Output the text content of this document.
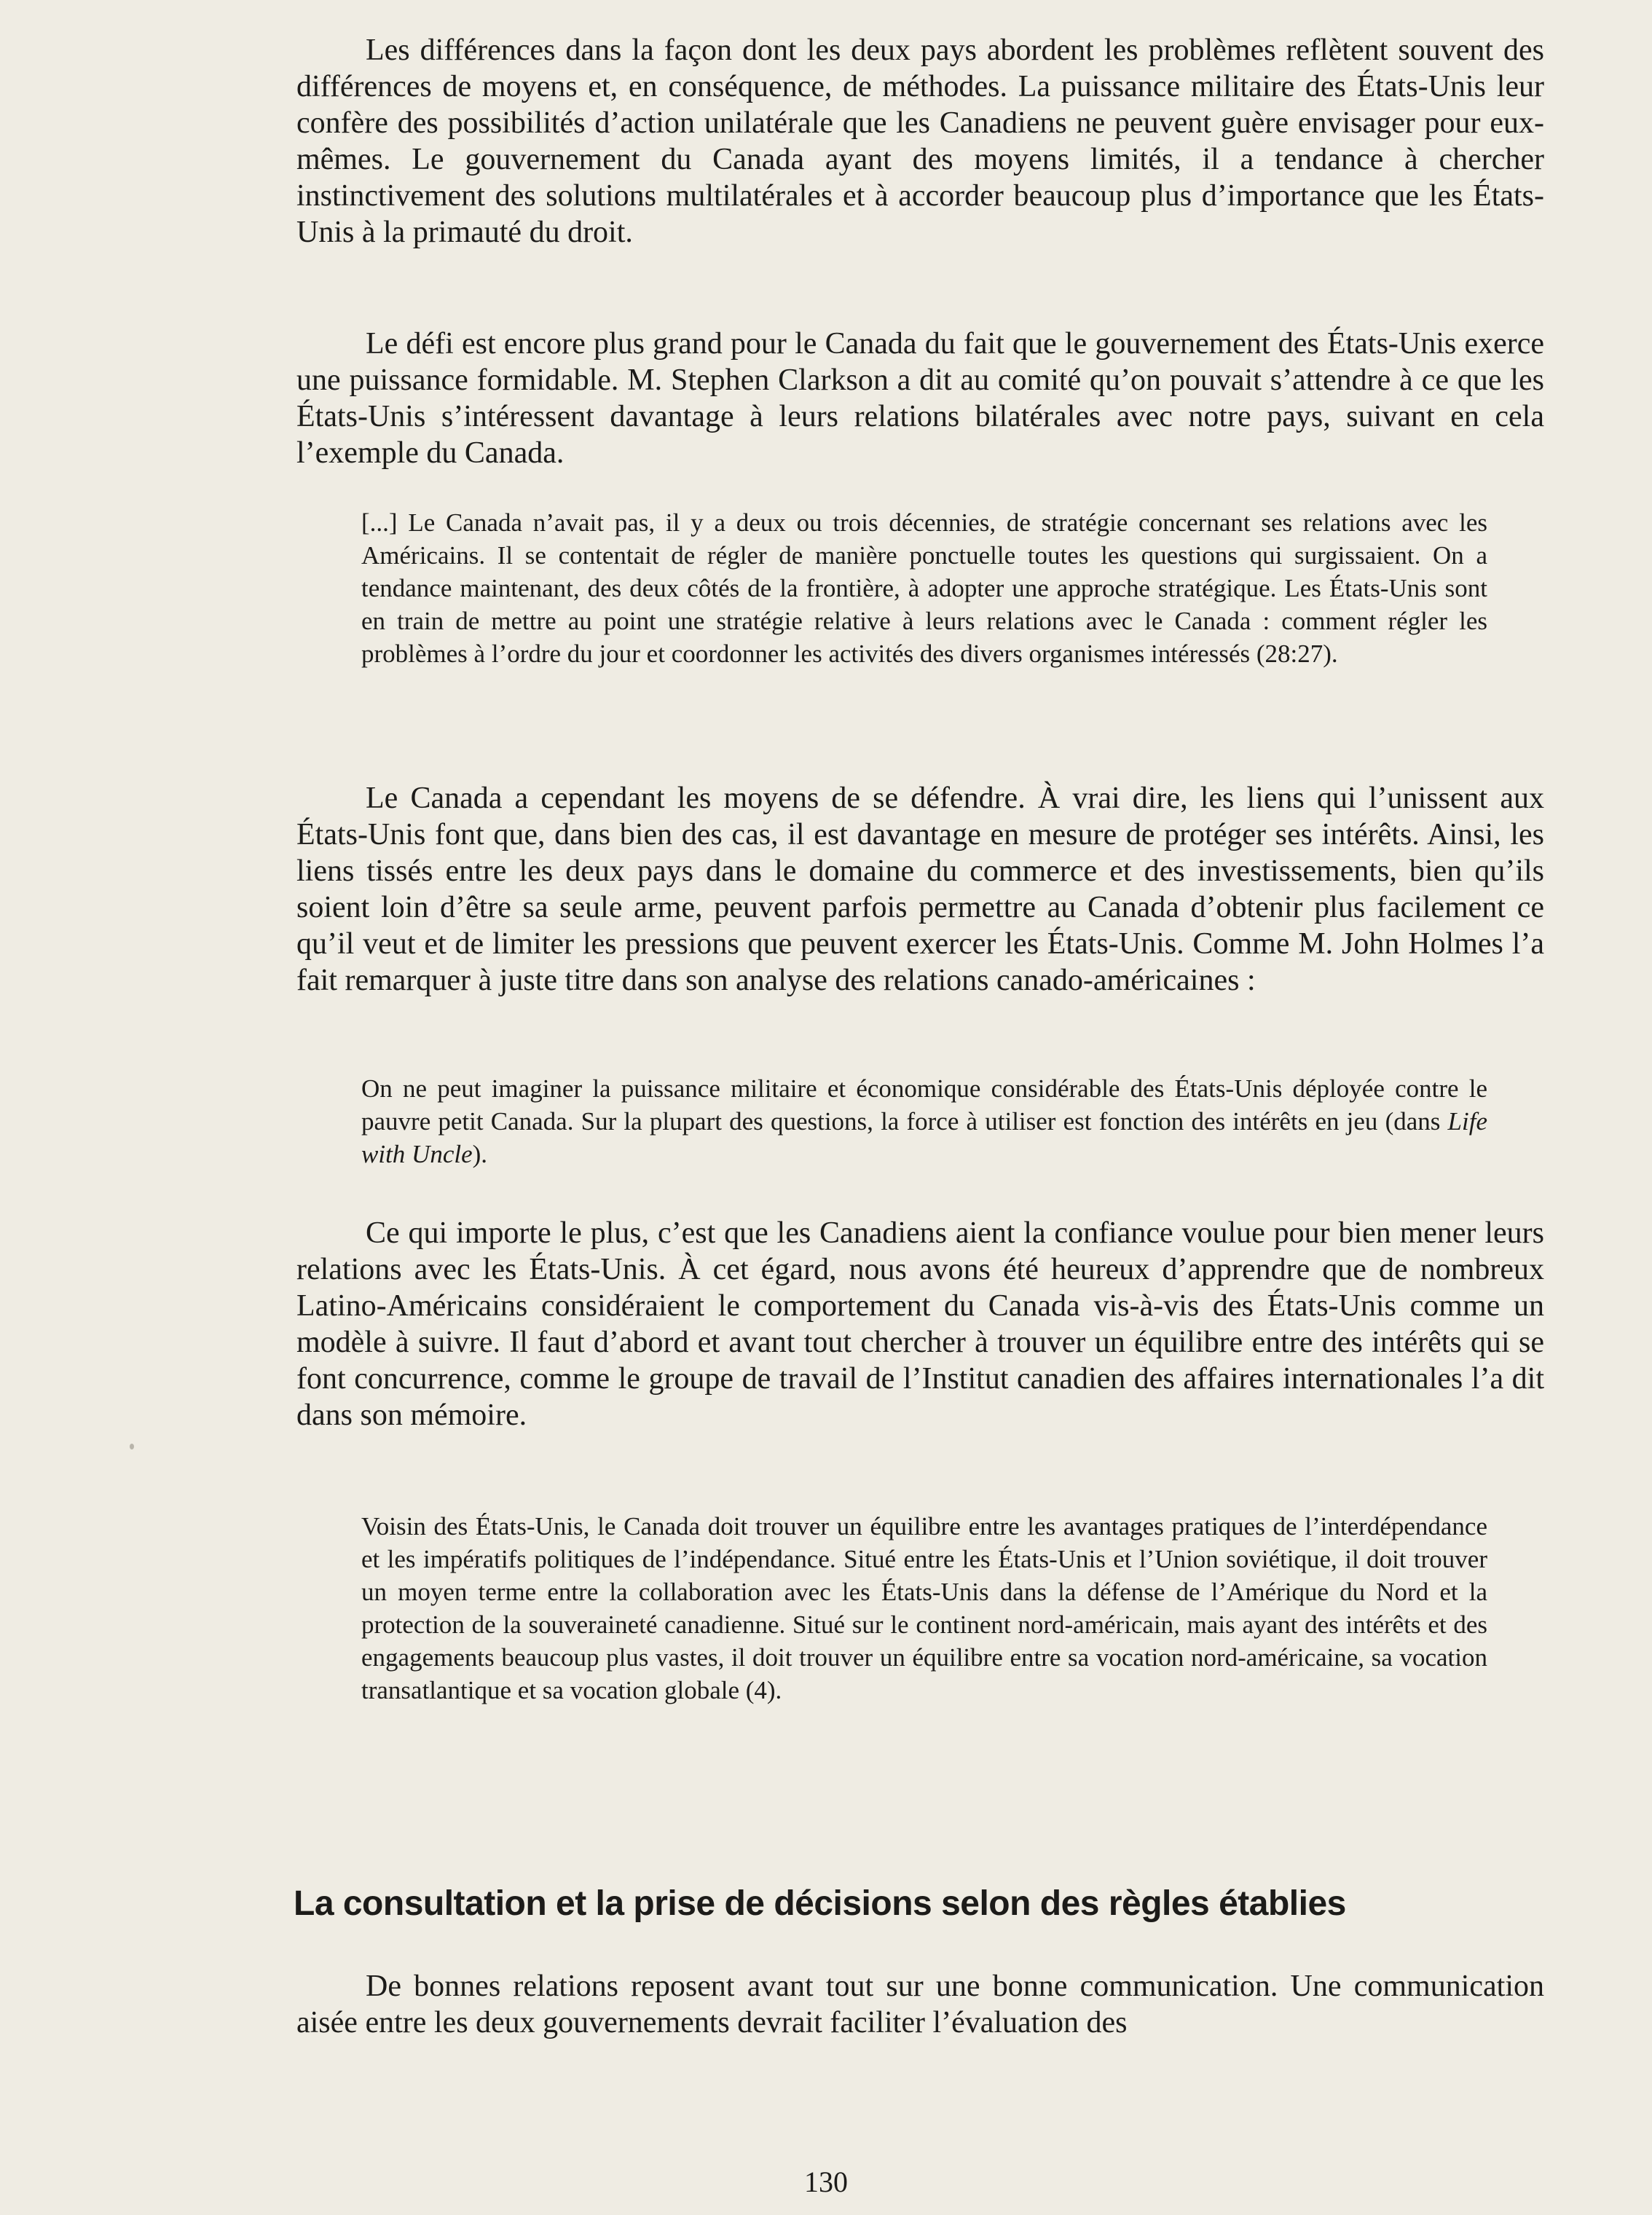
Les différences dans la façon dont les deux pays abordent les problèmes reflètent souvent des différences de moyens et, en conséquence, de méthodes. La puissance militaire des États-Unis leur confère des possibilités d’action unilatérale que les Canadiens ne peuvent guère envisager pour eux-mêmes. Le gouvernement du Canada ayant des moyens limités, il a tendance à chercher instinctivement des solutions multilatérales et à accorder beaucoup plus d’importance que les États-Unis à la primauté du droit.

Le défi est encore plus grand pour le Canada du fait que le gouvernement des États-Unis exerce une puissance formidable. M. Stephen Clarkson a dit au comité qu’on pouvait s’attendre à ce que les États-Unis s’intéressent davantage à leurs relations bilatérales avec notre pays, suivant en cela l’exemple du Canada.

[...] Le Canada n’avait pas, il y a deux ou trois décennies, de stratégie concernant ses relations avec les Américains. Il se contentait de régler de manière ponctuelle toutes les questions qui surgissaient. On a tendance maintenant, des deux côtés de la frontière, à adopter une approche stratégique. Les États-Unis sont en train de mettre au point une stratégie relative à leurs relations avec le Canada : comment régler les problèmes à l’ordre du jour et coordonner les activités des divers organismes intéressés (28:27).

Le Canada a cependant les moyens de se défendre. À vrai dire, les liens qui l’unissent aux États-Unis font que, dans bien des cas, il est davantage en mesure de protéger ses intérêts. Ainsi, les liens tissés entre les deux pays dans le domaine du commerce et des investissements, bien qu’ils soient loin d’être sa seule arme, peuvent parfois permettre au Canada d’obtenir plus facilement ce qu’il veut et de limiter les pressions que peuvent exercer les États-Unis. Comme M. John Holmes l’a fait remarquer à juste titre dans son analyse des relations canado-américaines :

On ne peut imaginer la puissance militaire et économique considérable des États-Unis déployée contre le pauvre petit Canada. Sur la plupart des questions, la force à utiliser est fonction des intérêts en jeu (dans Life with Uncle).

Ce qui importe le plus, c’est que les Canadiens aient la confiance voulue pour bien mener leurs relations avec les États-Unis. À cet égard, nous avons été heureux d’apprendre que de nombreux Latino-Américains considéraient le comportement du Canada vis-à-vis des États-Unis comme un modèle à suivre. Il faut d’abord et avant tout chercher à trouver un équilibre entre des intérêts qui se font concurrence, comme le groupe de travail de l’Institut canadien des affaires internationales l’a dit dans son mémoire.

Voisin des États-Unis, le Canada doit trouver un équilibre entre les avantages pratiques de l’interdépendance et les impératifs politiques de l’indépendance. Situé entre les États-Unis et l’Union soviétique, il doit trouver un moyen terme entre la collaboration avec les États-Unis dans la défense de l’Amérique du Nord et la protection de la souveraineté canadienne. Situé sur le continent nord-américain, mais ayant des intérêts et des engagements beaucoup plus vastes, il doit trouver un équilibre entre sa vocation nord-américaine, sa vocation transatlantique et sa vocation globale (4).

La consultation et la prise de décisions selon des règles établies

De bonnes relations reposent avant tout sur une bonne communication. Une communication aisée entre les deux gouvernements devrait faciliter l’évaluation des

130
